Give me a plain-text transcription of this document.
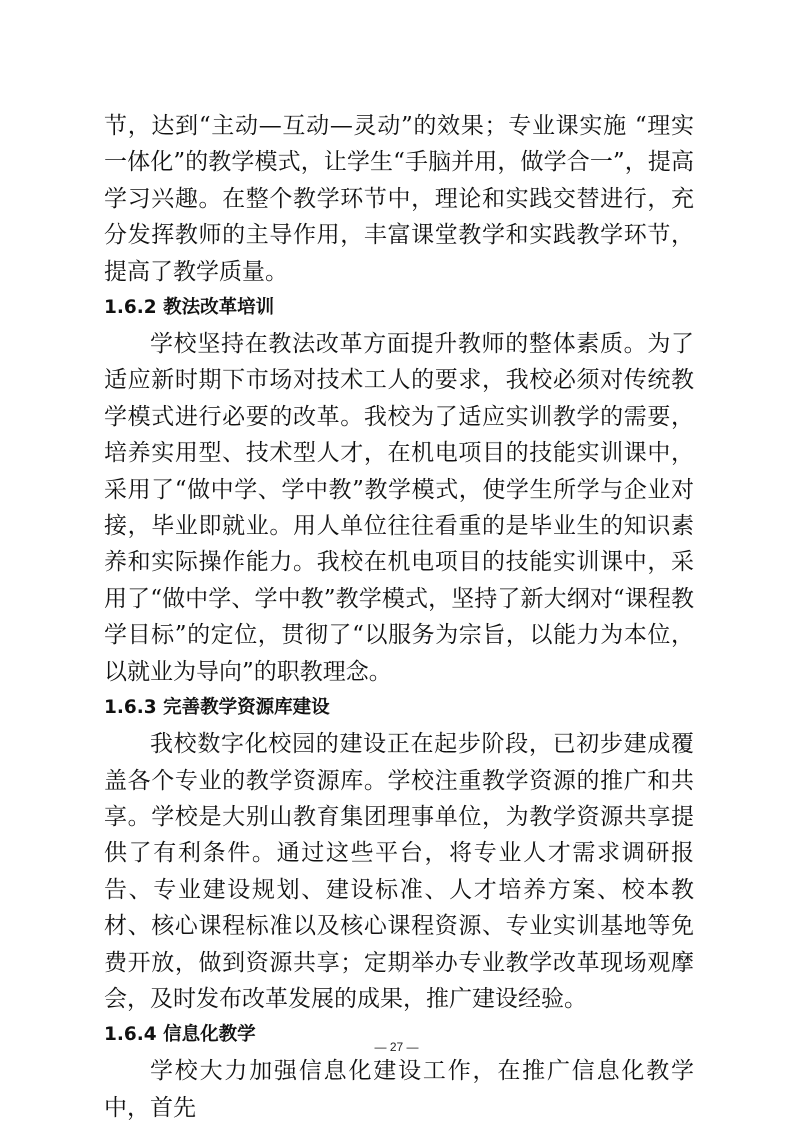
节，达到“主动—互动—灵动”的效果；专业课实施 “理实一体化”的教学模式，让学生“手脑并用，做学合一”，提高学习兴趣。在整个教学环节中，理论和实践交替进行，充分发挥教师的主导作用，丰富课堂教学和实践教学环节，提高了教学质量。

1.6.2 教法改革培训

学校坚持在教法改革方面提升教师的整体素质。为了适应新时期下市场对技术工人的要求，我校必须对传统教学模式进行必要的改革。我校为了适应实训教学的需要，培养实用型、技术型人才，在机电项目的技能实训课中，采用了“做中学、学中教”教学模式，使学生所学与企业对接，毕业即就业。用人单位往往看重的是毕业生的知识素养和实际操作能力。我校在机电项目的技能实训课中，采用了“做中学、学中教”教学模式，坚持了新大纲对“课程教学目标”的定位，贯彻了“以服务为宗旨，以能力为本位，以就业为导向”的职教理念。

1.6.3 完善教学资源库建设

我校数字化校园的建设正在起步阶段，已初步建成覆盖各个专业的教学资源库。学校注重教学资源的推广和共享。学校是大别山教育集团理事单位，为教学资源共享提供了有利条件。通过这些平台，将专业人才需求调研报告、专业建设规划、建设标准、人才培养方案、校本教材、核心课程标准以及核心课程资源、专业实训基地等免费开放，做到资源共享；定期举办专业教学改革现场观摩会，及时发布改革发展的成果，推广建设经验。

1.6.4 信息化教学

学校大力加强信息化建设工作，在推广信息化教学中，首先

— 27 —
